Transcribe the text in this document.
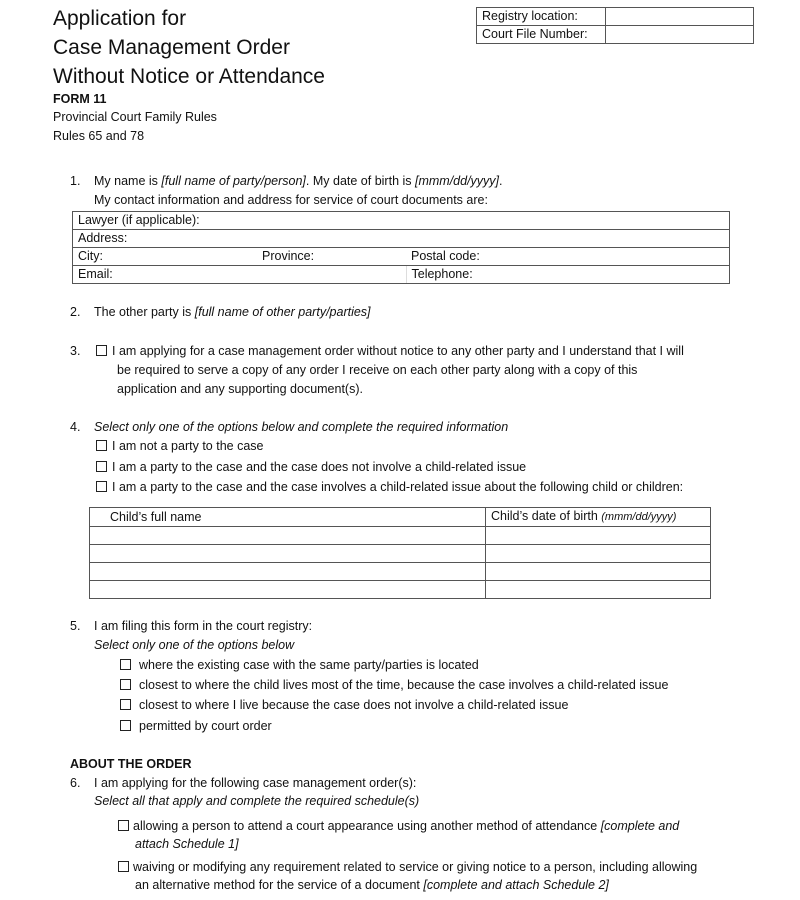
Application for
Case Management Order
Without Notice or Attendance
FORM 11
Provincial Court Family Rules
Rules 65 and 78
Registry location:	
Court File Number:	
1. My name is [full name of party/person]. My date of birth is [mmm/dd/yyyy].
My contact information and address for service of court documents are:
Lawyer (if applicable):		
Address:		
City:	Province:	Postal code:
Email:		Telephone:
2. The other party is [full name of other party/parties]
3.	I am applying for a case management order without notice to any other party and I understand that I will
be required to serve a copy of any order I receive on each other party along with a copy of this
application and any supporting document(s).
4. Select only one of the options below and complete the required information
I am not a party to the case
I am a party to the case and the case does not involve a child-related issue
I am a party to the case and the case involves a child-related issue about the following child or children:
Child’s full name	Child’s date of birth (mmm/dd/yyyy)

5. I am filing this form in the court registry:
Select only one of the options below
where the existing case with the same party/parties is located
closest to where the child lives most of the time, because the case involves a child-related issue
closest to where I live because the case does not involve a child-related issue
permitted by court order
ABOUT THE ORDER
6. I am applying for the following case management order(s):
Select all that apply and complete the required schedule(s)
allowing a person to attend a court appearance using another method of attendance [complete and
attach Schedule 1]
waiving or modifying any requirement related to service or giving notice to a person, including allowing
an alternative method for the service of a document [complete and attach Schedule 2]
